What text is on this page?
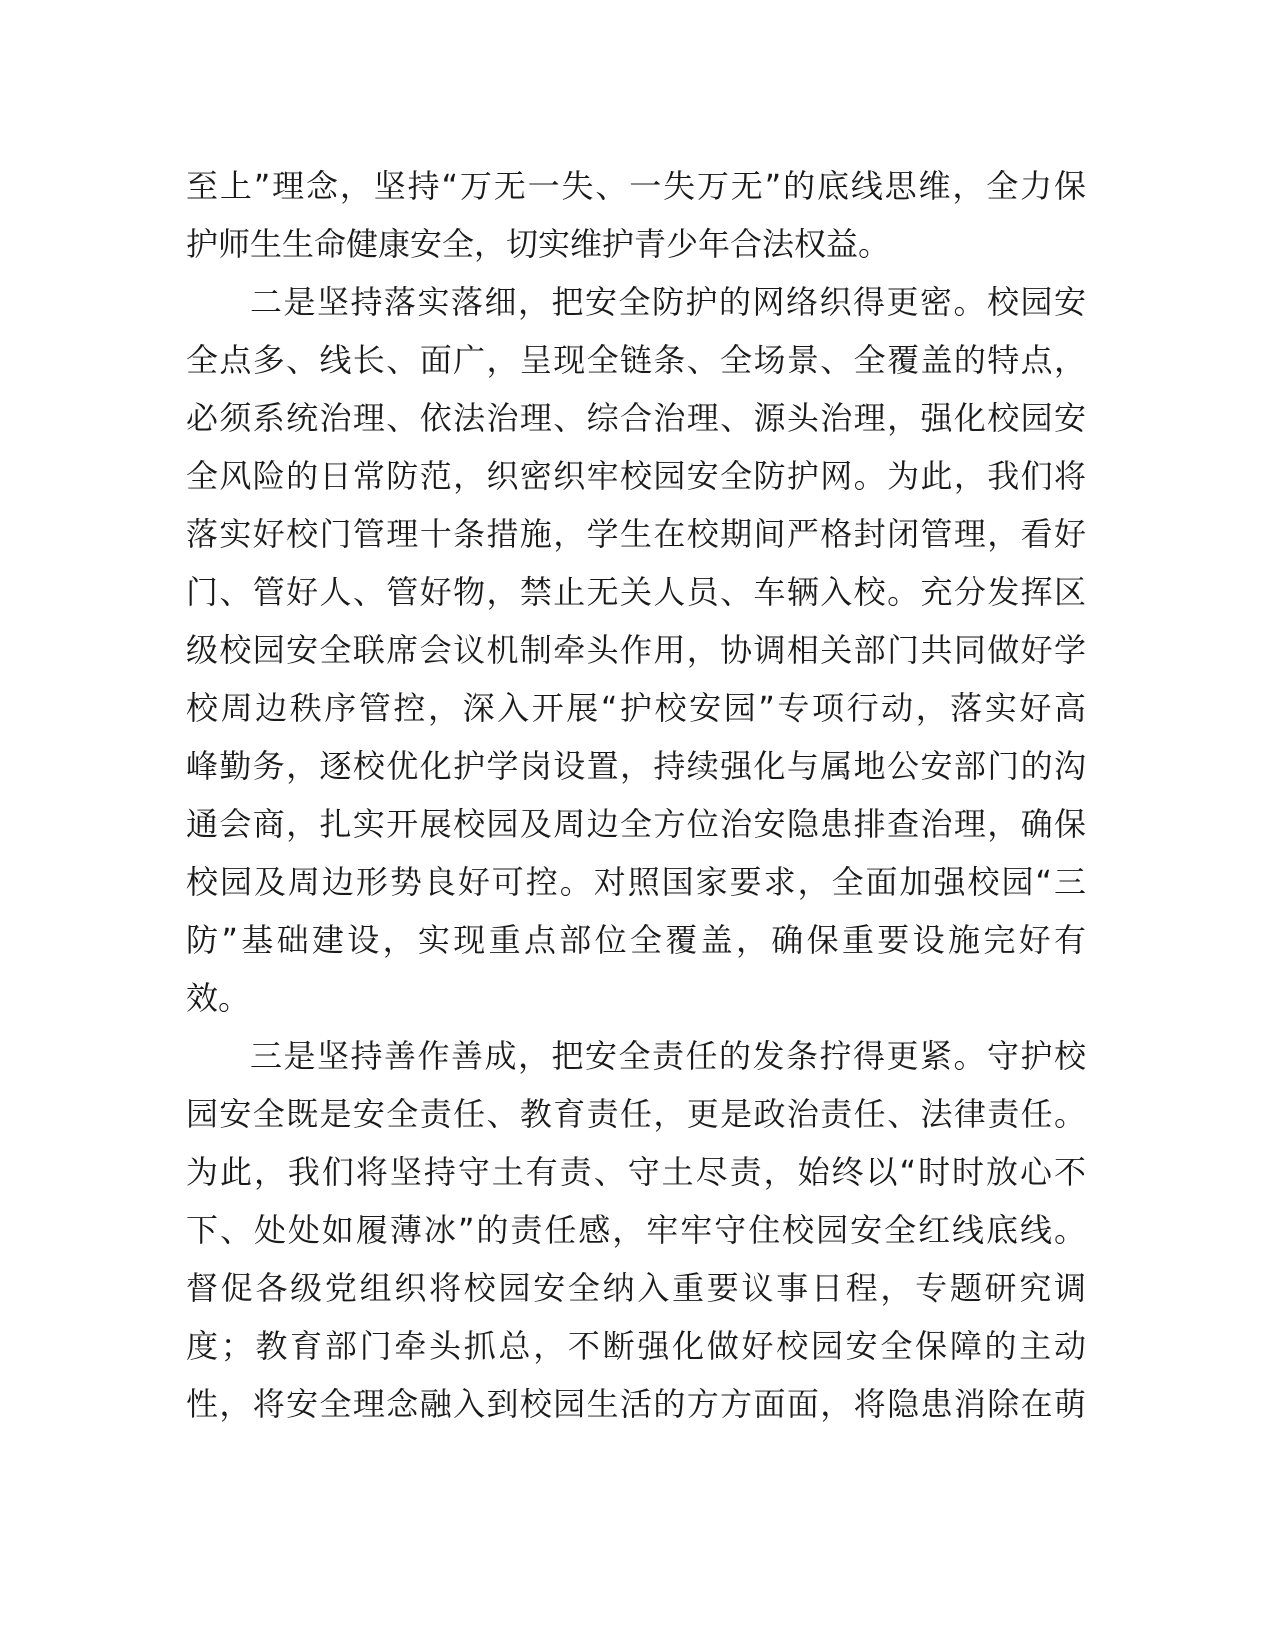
至上”理念，坚持“万无一失、一失万无”的底线思维，全力保
护师生生命健康安全，切实维护青少年合法权益。
二是坚持落实落细，把安全防护的网络织得更密。校园安
全点多、线长、面广，呈现全链条、全场景、全覆盖的特点，
必须系统治理、依法治理、综合治理、源头治理，强化校园安
全风险的日常防范，织密织牢校园安全防护网。为此，我们将
落实好校门管理十条措施，学生在校期间严格封闭管理，看好
门、管好人、管好物，禁止无关人员、车辆入校。充分发挥区
级校园安全联席会议机制牵头作用，协调相关部门共同做好学
校周边秩序管控，深入开展“护校安园”专项行动，落实好高
峰勤务，逐校优化护学岗设置，持续强化与属地公安部门的沟
通会商，扎实开展校园及周边全方位治安隐患排查治理，确保
校园及周边形势良好可控。对照国家要求，全面加强校园“三
防”基础建设，实现重点部位全覆盖，确保重要设施完好有
效。
三是坚持善作善成，把安全责任的发条拧得更紧。守护校
园安全既是安全责任、教育责任，更是政治责任、法律责任。
为此，我们将坚持守土有责、守土尽责，始终以“时时放心不
下、处处如履薄冰”的责任感，牢牢守住校园安全红线底线。
督促各级党组织将校园安全纳入重要议事日程，专题研究调
度；教育部门牵头抓总，不断强化做好校园安全保障的主动
性，将安全理念融入到校园生活的方方面面，将隐患消除在萌
